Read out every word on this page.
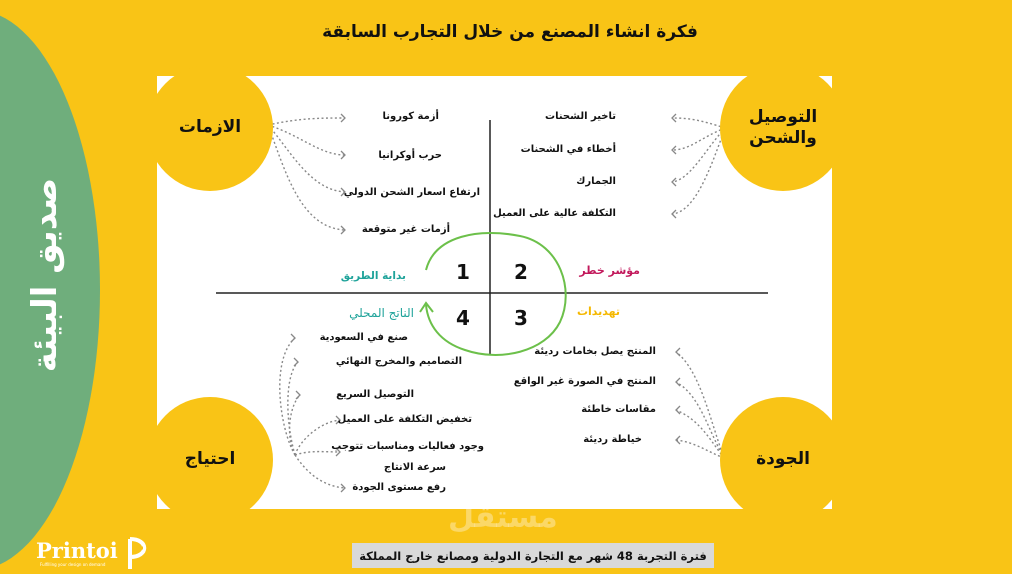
صديق البيئة
فكرة انشاء المصنع من خلال التجارب السابقة
الازمات
التوصيل والشحن
احتياج	الجودة
أزمة كورونا
حرب أوكرانيا
ارتفاع اسعار الشحن الدولي
أزمات غير متوقعة
تاخير الشحنات
أخطاء في الشحنات
الجمارك
التكلفة عالية على العميل
1 2
3
4
بداية الطريق	مؤشر خطر
تهديدات
الناتج المحلي
صنع في السعودية
التصاميم والمخرج النهائي
التوصيل السريع
تخفيض التكلفة على العميل
وجود فعاليات ومناسبات تتوجب
سرعة الانتاج
رفع مستوى الجودة
المنتج يصل بخامات رديئة
المنتج في الصورة غير الواقع
مقاسات خاطئة
خياطة رديئة
مستقل
فترة التجربة 48 شهر مع التجارة الدولية ومصانع خارج المملكة
Printoi
Fulfilling your design on demand
